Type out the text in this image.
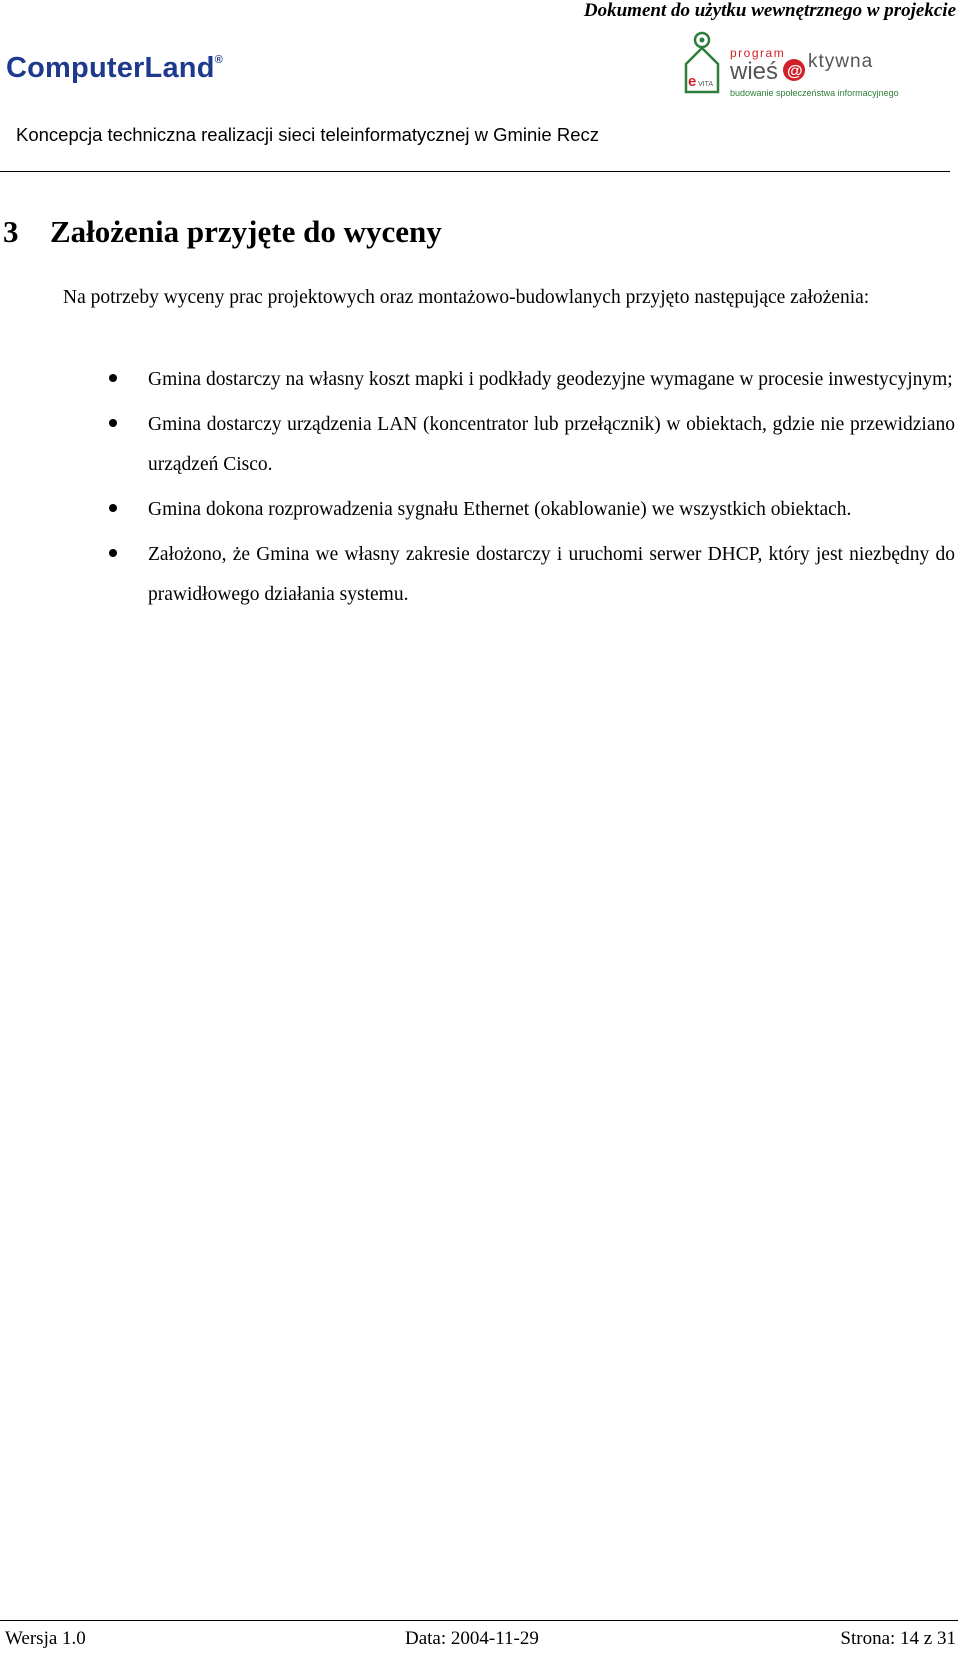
Dokument do użytku wewnętrznego w projekcie

ComputerLand®
e VITA
program
wieś @ ktywna
budowanie społeczeństwa informacyjnego
Koncepcja techniczna realizacji sieci teleinformatycznej w Gminie Recz
3 Założenia przyjęte do wyceny

Na potrzeby wyceny prac projektowych oraz montażowo-budowlanych przyjęto następujące założenia:

Gmina dostarczy na własny koszt mapki i podkłady geodezyjne wymagane w procesie inwestycyjnym;
Gmina dostarczy urządzenia LAN (koncentrator lub przełącznik) w obiektach, gdzie nie przewidziano urządzeń Cisco.
Gmina dokona rozprowadzenia sygnału Ethernet (okablowanie) we wszystkich obiektach.
Założono, że Gmina we własny zakresie dostarczy i uruchomi serwer DHCP, który jest niezbędny do prawidłowego działania systemu.
Wersja 1.0	Data: 2004-11-29	Strona: 14 z 31
